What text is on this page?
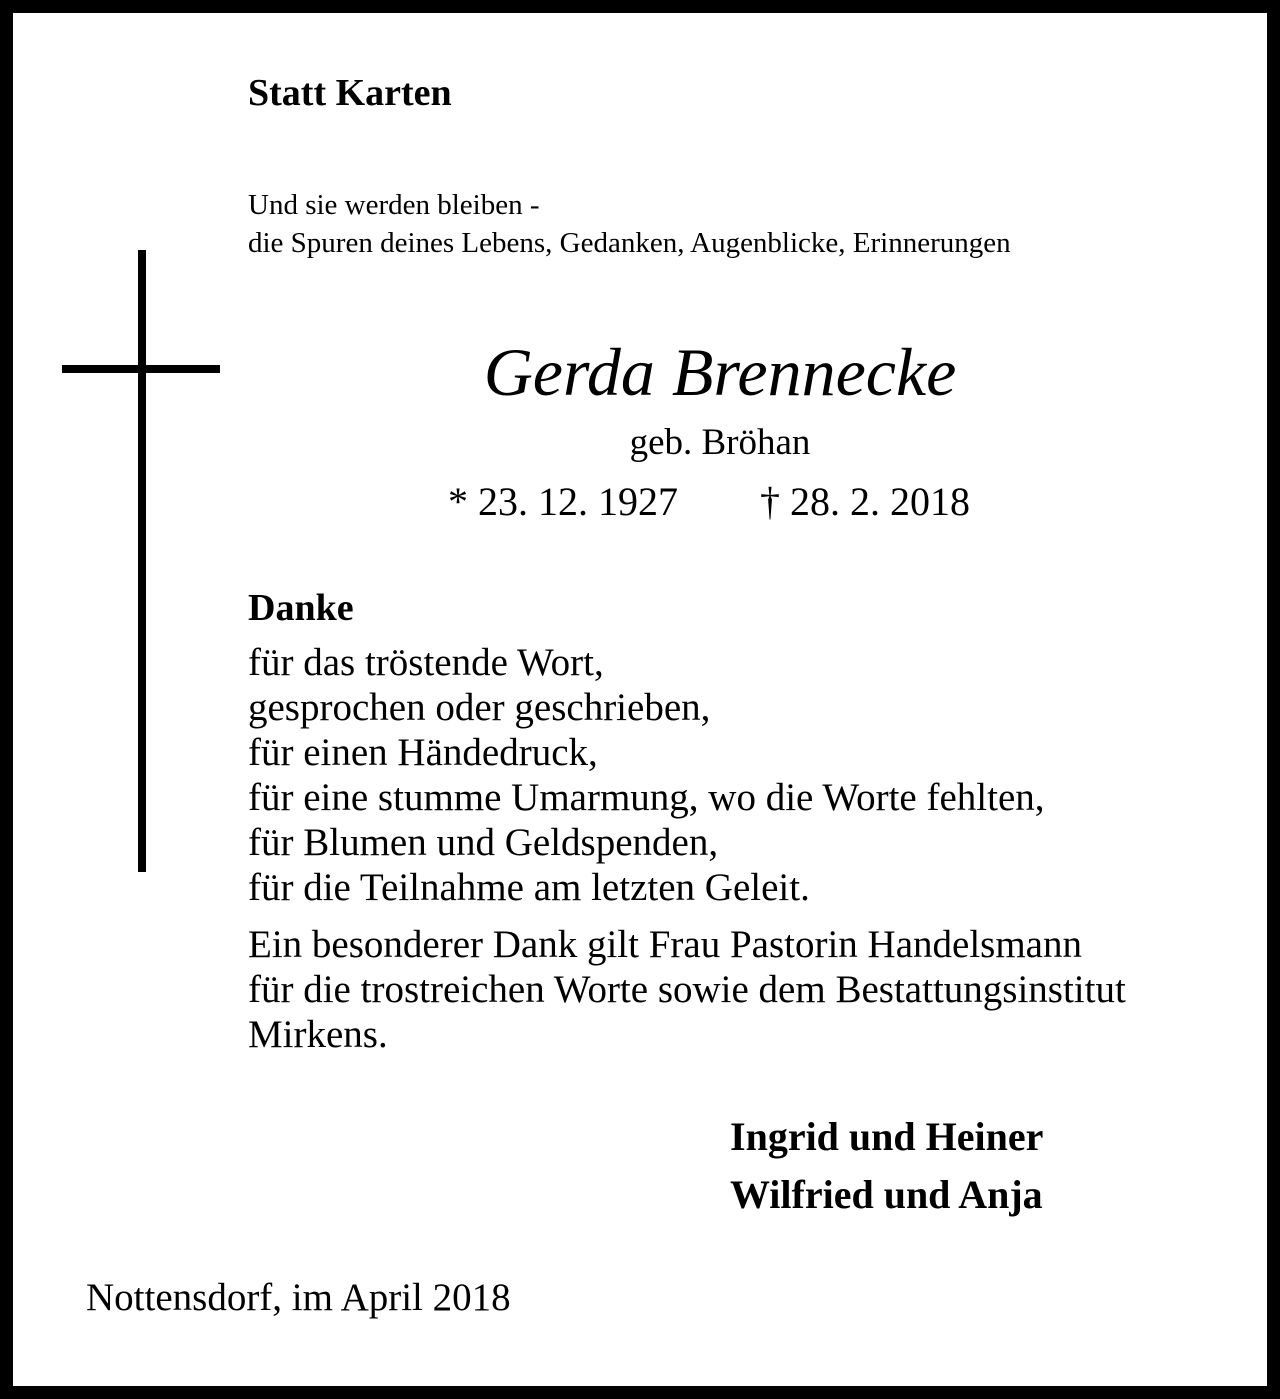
Statt Karten
Und sie werden bleiben -
die Spuren deines Lebens, Gedanken, Augenblicke, Erinnerungen
Gerda Brennecke
geb. Bröhan
* 23. 12. 1927 † 28. 2. 2018
Danke
für das tröstende Wort,
gesprochen oder geschrieben,
für einen Händedruck,
für eine stumme Umarmung, wo die Worte fehlten,
für Blumen und Geldspenden,
für die Teilnahme am letzten Geleit.
Ein besonderer Dank gilt Frau Pastorin Handelsmann
für die trostreichen Worte sowie dem Bestattungsinstitut
Mirkens.
Ingrid und Heiner
Wilfried und Anja
Nottensdorf, im April 2018
